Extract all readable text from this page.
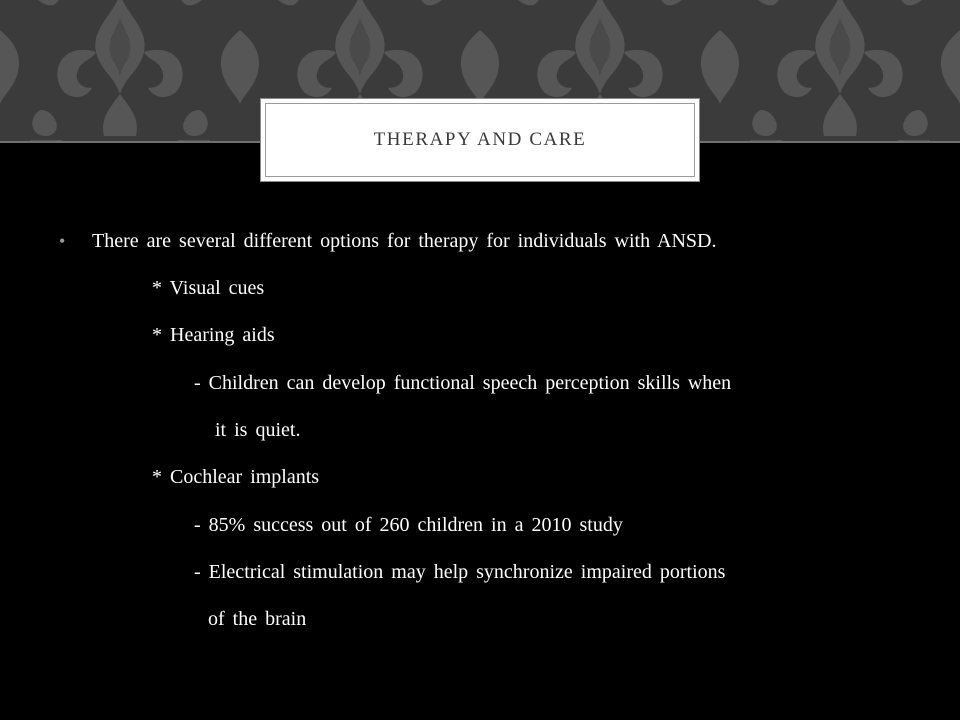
THERAPY AND CARE
• There are several different options for therapy for individuals with ANSD.
* Visual cues
* Hearing aids
- Children can develop functional speech perception skills when
it is quiet.
* Cochlear implants
- 85% success out of 260 children in a 2010 study
- Electrical stimulation may help synchronize impaired portions
of the brain
